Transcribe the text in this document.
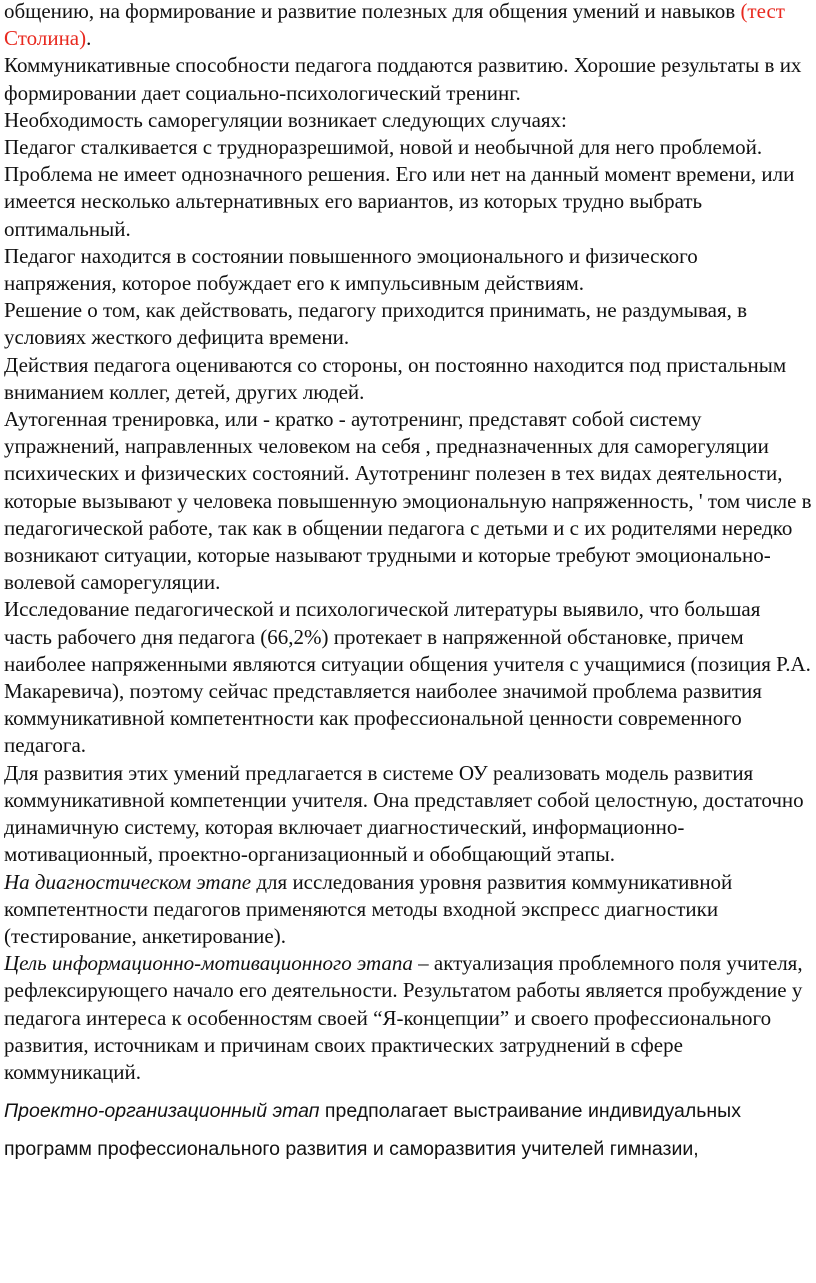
общению, на формирование и развитие полезных для общения умений и навыков (тест Столина).

Коммуникативные способности педагога поддаются развитию. Хорошие результаты в их формировании дает социально-психологический тренинг.

Необходимость саморегуляции возникает следующих случаях:

Педагог сталкивается с трудноразрешимой, новой и необычной для него проблемой.

Проблема не имеет однозначного решения. Его или нет на данный момент времени, или имеется несколько альтернативных его вариантов, из которых трудно выбрать оптимальный.

Педагог находится в состоянии повышенного эмоционального и физического напряжения, которое побуждает его к импульсивным действиям.

Решение о том, как действовать, педагогу приходится принимать, не раздумывая, в условиях жесткого дефицита времени.

Действия педагога оцениваются со стороны, он постоянно находится под пристальным вниманием коллег, детей, других людей.

Аутогенная тренировка, или - кратко - аутотренинг, представят собой систему упражнений, направленных человеком на себя , предназначенных для саморегуляции психических и физических состояний. Аутотренинг полезен в тех видах деятельности, которые вызывают у человека повышенную эмоциональную напряженность, ' том числе в педагогической работе, так как в общении педагога с детьми и с их родителями нередко возникают ситуации, которые называют трудными и которые требуют эмоционально-волевой саморегуляции.

Исследование педагогической и психологической литературы выявило, что большая часть рабочего дня педагога (66,2%) протекает в напряженной обстановке, причем наиболее напряженными являются ситуации общения учителя с учащимися (позиция Р.А. Макаревича), поэтому сейчас представляется наиболее значимой проблема развития коммуникативной компетентности как профессиональной ценности современного педагога.

Для развития этих умений предлагается в системе ОУ реализовать модель развития коммуникативной компетенции учителя. Она представляет собой целостную, достаточно динамичную систему, которая включает диагностический, информационно-мотивационный, проектно-организационный и обобщающий этапы.

На диагностическом этапе для исследования уровня развития коммуникативной компетентности педагогов применяются методы входной экспресс диагностики (тестирование, анкетирование).

Цель информационно-мотивационного этапа – актуализация проблемного поля учителя, рефлексирующего начало его деятельности. Результатом работы является пробуждение у педагога интереса к особенностям своей “Я-концепции” и своего профессионального развития, источникам и причинам своих практических затруднений в сфере коммуникаций.

Проектно-организационный этап предполагает выстраивание индивидуальных программ профессионального развития и саморазвития учителей гимназии,
